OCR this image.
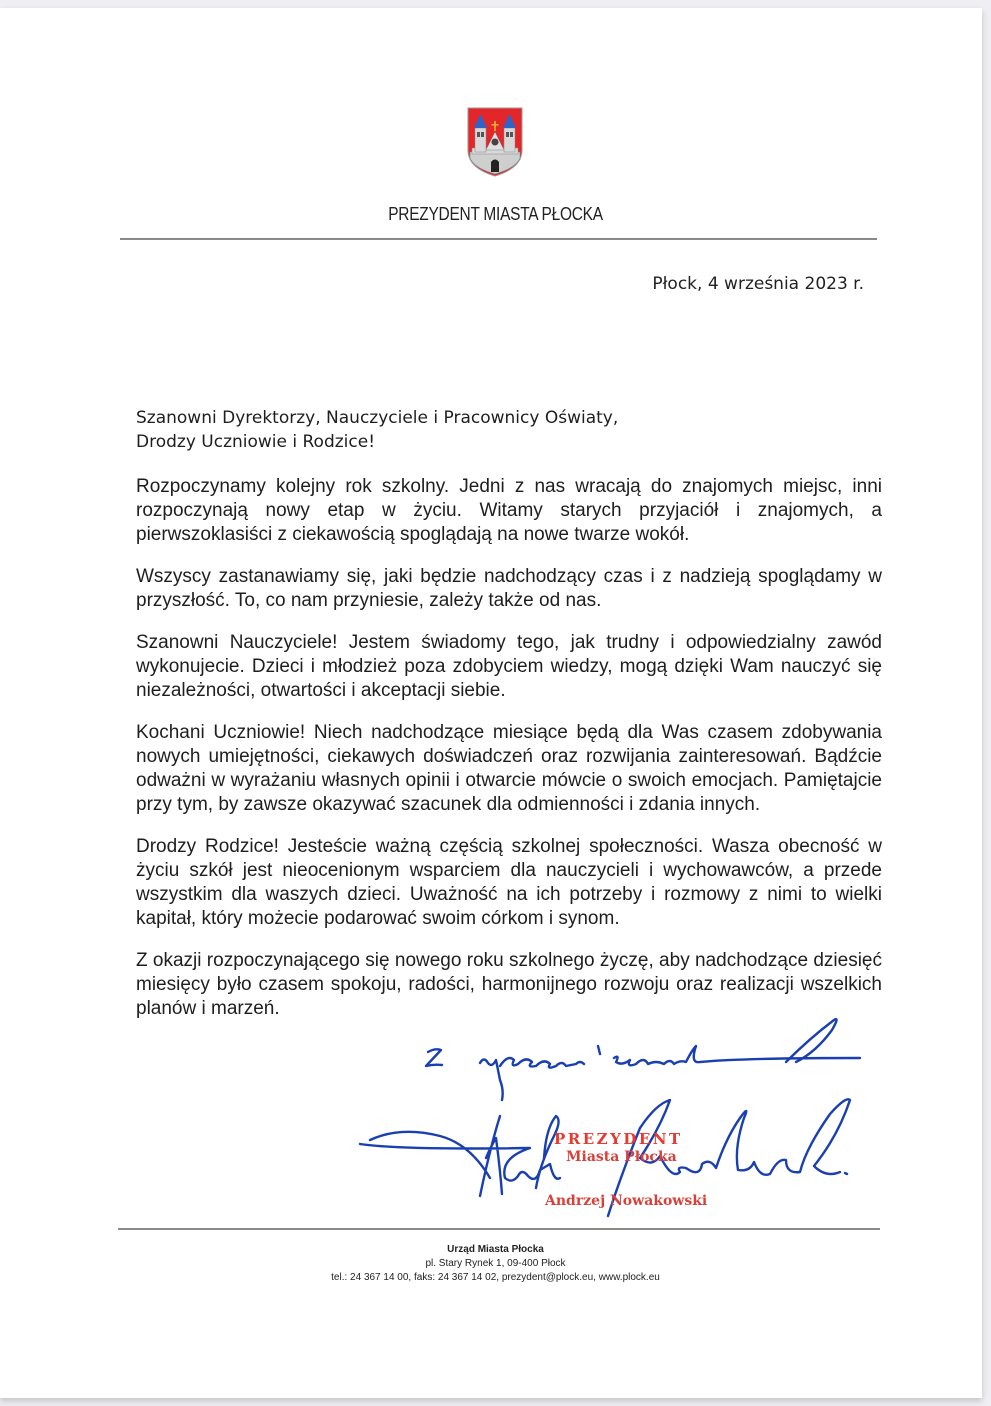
PREZYDENT MIASTA PŁOCKA
Płock, 4 września 2023 r.
Szanowni Dyrektorzy, Nauczyciele i Pracownicy Oświaty,
Drodzy Uczniowie i Rodzice!

Rozpoczynamy kolejny rok szkolny. Jedni z nas wracają do znajomych miejsc, inni rozpoczynają nowy etap w życiu. Witamy starych przyjaciół i znajomych, a pierwszoklasiści z ciekawością spoglądają na nowe twarze wokół.

Wszyscy zastanawiamy się, jaki będzie nadchodzący czas i z nadzieją spoglądamy w przyszłość. To, co nam przyniesie, zależy także od nas.

Szanowni Nauczyciele! Jestem świadomy tego, jak trudny i odpowiedzialny zawód wykonujecie. Dzieci i młodzież poza zdobyciem wiedzy, mogą dzięki Wam nauczyć się niezależności, otwartości i akceptacji siebie.

Kochani Uczniowie! Niech nadchodzące miesiące będą dla Was czasem zdobywania nowych umiejętności, ciekawych doświadczeń oraz rozwijania zainteresowań. Bądźcie odważni w wyrażaniu własnych opinii i otwarcie mówcie o swoich emocjach. Pamiętajcie przy tym, by zawsze okazywać szacunek dla odmienności i zdania innych.

Drodzy Rodzice! Jesteście ważną częścią szkolnej społeczności. Wasza obecność w życiu szkół jest nieocenionym wsparciem dla nauczycieli i wychowawców, a przede wszystkim dla waszych dzieci. Uważność na ich potrzeby i rozmowy z nimi to wielki kapitał, który możecie podarować swoim córkom i synom.

Z okazji rozpoczynającego się nowego roku szkolnego życzę, aby nadchodzące dziesięć miesięcy było czasem spokoju, radości, harmonijnego rozwoju oraz realizacji wszelkich planów i marzeń.

PREZYDENT
Miasta Płocka
Andrzej Nowakowski
Urząd Miasta Płocka
pl. Stary Rynek 1, 09-400 Płock
tel.: 24 367 14 00, faks: 24 367 14 02, prezydent@plock.eu, www.plock.eu
